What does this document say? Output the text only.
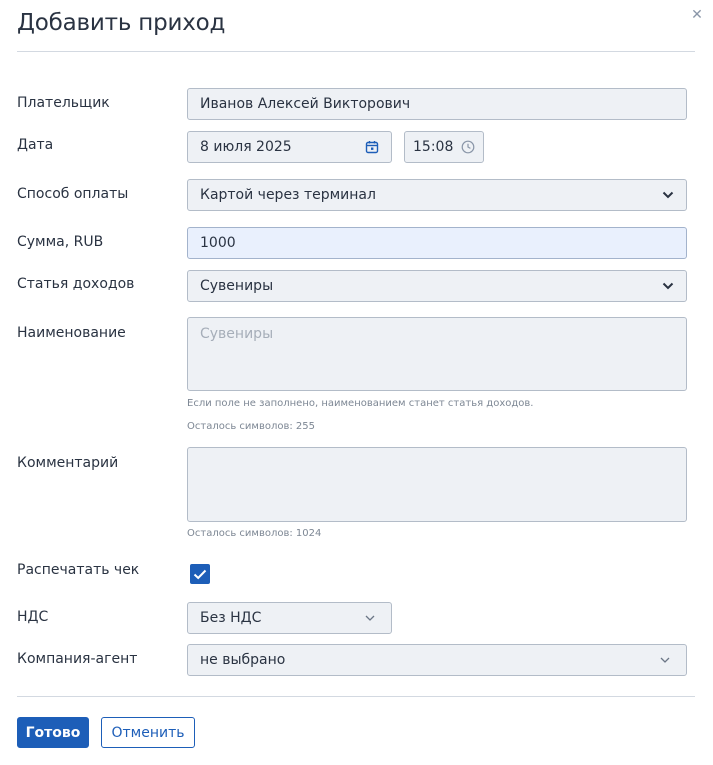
Добавить приход	✕
Плательщик	Иванов Алексей Викторович
Дата	8 июля 2025	15:08
Способ оплаты	Картой через терминал
Сумма, RUB	1000
Статья доходов	Сувениры
Наименование	Сувениры
Если поле не заполнено, наименованием станет статья доходов.
Осталось символов: 255
Комментарий
Осталось символов: 1024
Распечатать чек
НДС	Без НДС
Компания-агент	не выбрано
Готово	Отменить
